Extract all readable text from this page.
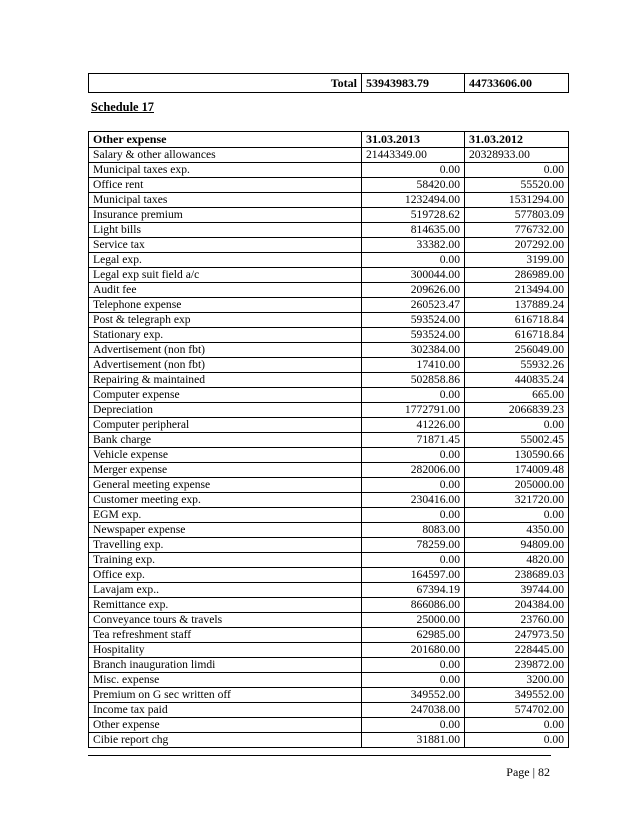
Total	53943983.79	44733606.00
Schedule 17
Other expense	31.03.2013	31.03.2012
Salary & other allowances	21443349.00	20328933.00
Municipal taxes exp.	0.00	0.00
Office rent	58420.00	55520.00
Municipal taxes	1232494.00	1531294.00
Insurance premium	519728.62	577803.09
Light bills	814635.00	776732.00
Service tax	33382.00	207292.00
Legal exp.	0.00	3199.00
Legal exp suit field a/c	300044.00	286989.00
Audit fee	209626.00	213494.00
Telephone expense	260523.47	137889.24
Post & telegraph exp	593524.00	616718.84
Stationary exp.	593524.00	616718.84
Advertisement (non fbt)	302384.00	256049.00
Advertisement (non fbt)	17410.00	55932.26
Repairing & maintained	502858.86	440835.24
Computer expense	0.00	665.00
Depreciation	1772791.00	2066839.23
Computer peripheral	41226.00	0.00
Bank charge	71871.45	55002.45
Vehicle expense	0.00	130590.66
Merger expense	282006.00	174009.48
General meeting expense	0.00	205000.00
Customer meeting exp.	230416.00	321720.00
EGM exp.	0.00	0.00
Newspaper expense	8083.00	4350.00
Travelling exp.	78259.00	94809.00
Training exp.	0.00	4820.00
Office exp.	164597.00	238689.03
Lavajam exp..	67394.19	39744.00
Remittance exp.	866086.00	204384.00
Conveyance tours & travels	25000.00	23760.00
Tea refreshment staff	62985.00	247973.50
Hospitality	201680.00	228445.00
Branch inauguration limdi	0.00	239872.00
Misc. expense	0.00	3200.00
Premium on G sec written off	349552.00	349552.00
Income tax paid	247038.00	574702.00
Other expense	0.00	0.00
Cibie report chg	31881.00	0.00
Page | 82
